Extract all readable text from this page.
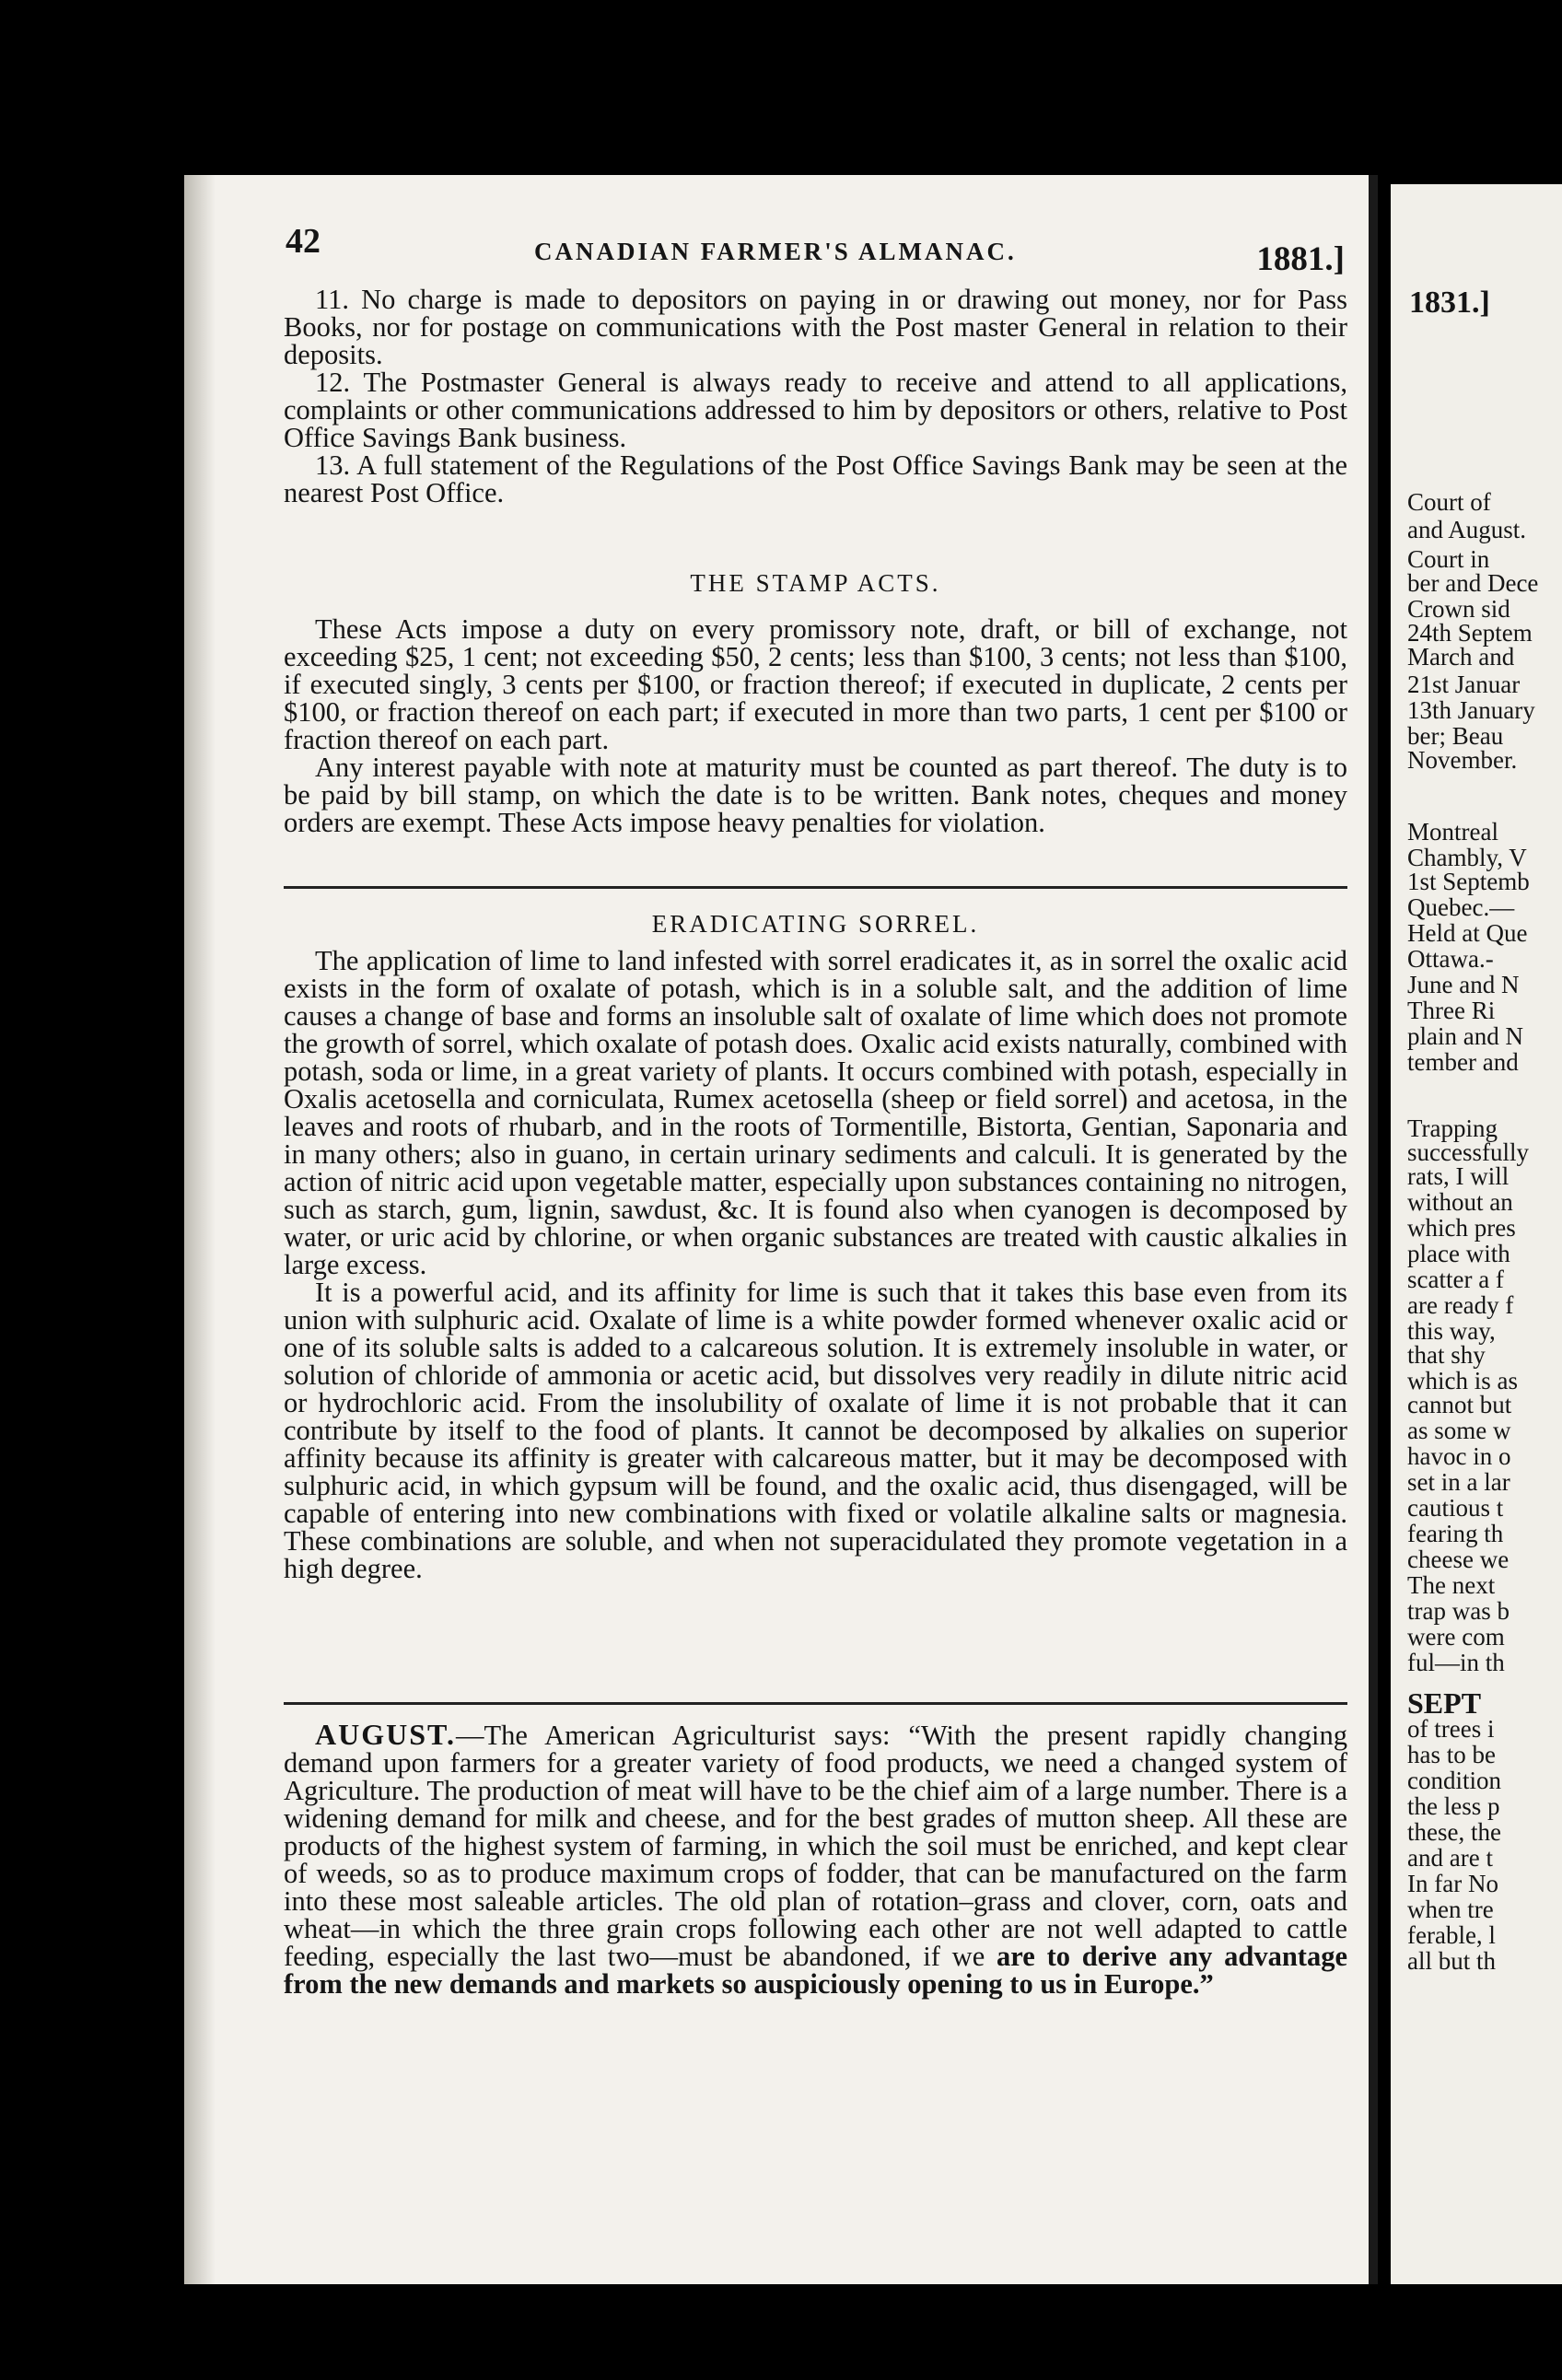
42	CANADIAN FARMER'S ALMANAC.	1881.]

11. No charge is made to depositors on paying in or drawing out money, nor for Pass Books, nor for postage on communications with the Post master General in relation to their deposits.

12. The Postmaster General is always ready to receive and attend to all applications, complaints or other communications addressed to him by depositors or others, relative to Post Office Savings Bank business.

13. A full statement of the Regulations of the Post Office Savings Bank may be seen at the nearest Post Office.

THE STAMP ACTS.

These Acts impose a duty on every promissory note, draft, or bill of exchange, not exceeding $25, 1 cent; not exceeding $50, 2 cents; less than $100, 3 cents; not less than $100, if executed singly, 3 cents per $100, or fraction thereof; if executed in duplicate, 2 cents per $100, or fraction thereof on each part; if executed in more than two parts, 1 cent per $100 or fraction thereof on each part.

Any interest payable with note at maturity must be counted as part thereof. The duty is to be paid by bill stamp, on which the date is to be written. Bank notes, cheques and money orders are exempt. These Acts impose heavy penalties for violation.

ERADICATING SORREL.

The application of lime to land infested with sorrel eradicates it, as in sorrel the oxalic acid exists in the form of oxalate of potash, which is in a soluble salt, and the addition of lime causes a change of base and forms an insoluble salt of oxalate of lime which does not promote the growth of sorrel, which oxalate of potash does. Oxalic acid exists naturally, combined with potash, soda or lime, in a great variety of plants. It occurs combined with potash, especially in Oxalis acetosella and corniculata, Rumex acetosella (sheep or field sorrel) and acetosa, in the leaves and roots of rhubarb, and in the roots of Tormentille, Bistorta, Gentian, Saponaria and in many others; also in guano, in certain urinary sediments and calculi. It is generated by the action of nitric acid upon vegetable matter, especially upon substances containing no nitrogen, such as starch, gum, lignin, sawdust, &c. It is found also when cyanogen is decomposed by water, or uric acid by chlorine, or when organic substances are treated with caustic alkalies in large excess.

It is a powerful acid, and its affinity for lime is such that it takes this base even from its union with sulphuric acid. Oxalate of lime is a white powder formed whenever oxalic acid or one of its soluble salts is added to a calcareous solution. It is extremely insoluble in water, or solution of chloride of ammonia or acetic acid, but dissolves very readily in dilute nitric acid or hydrochloric acid. From the insolubility of oxalate of lime it is not probable that it can contribute by itself to the food of plants. It cannot be decomposed by alkalies on superior affinity because its affinity is greater with calcareous matter, but it may be decomposed with sulphuric acid, in which gypsum will be found, and the oxalic acid, thus disengaged, will be capable of entering into new combinations with fixed or volatile alkaline salts or magnesia. These combinations are soluble, and when not superacidulated they promote vegetation in a high degree.

AUGUST.—The American Agriculturist says: “With the present rapidly changing demand upon farmers for a greater variety of food products, we need a changed system of Agriculture. The production of meat will have to be the chief aim of a large number. There is a widening demand for milk and cheese, and for the best grades of mutton sheep. All these are products of the highest system of farming, in which the soil must be enriched, and kept clear of weeds, so as to produce maximum crops of fodder, that can be manufactured on the farm into these most saleable articles. The old plan of rotation–grass and clover, corn, oats and wheat—in which the three grain crops following each other are not well adapted to cattle feeding, especially the last two—must be abandoned, if we are to derive any advantage from the new demands and markets so auspiciously opening to us in Europe.”

1831.]
Court of
and August.
Court in
ber and Dece
Crown sid
24th Septem
March and
21st Januar
13th January
ber; Beau
November.
Montreal
Chambly, V
1st Septemb
Quebec.—
Held at Que
Ottawa.-
June and N
Three Ri
plain and N
tember and
Trapping
successfully
rats, I will
without an
which pres
place with
scatter a f
are ready f
this way,
that shy
which is as
cannot but
as some w
havoc in o
set in a lar
cautious t
fearing th
cheese we
The next
trap was b
were com
ful—in th
SEPT
of trees i
has to be
condition
the less p
these, the
and are t
In far No
when tre
ferable, l
all but th
